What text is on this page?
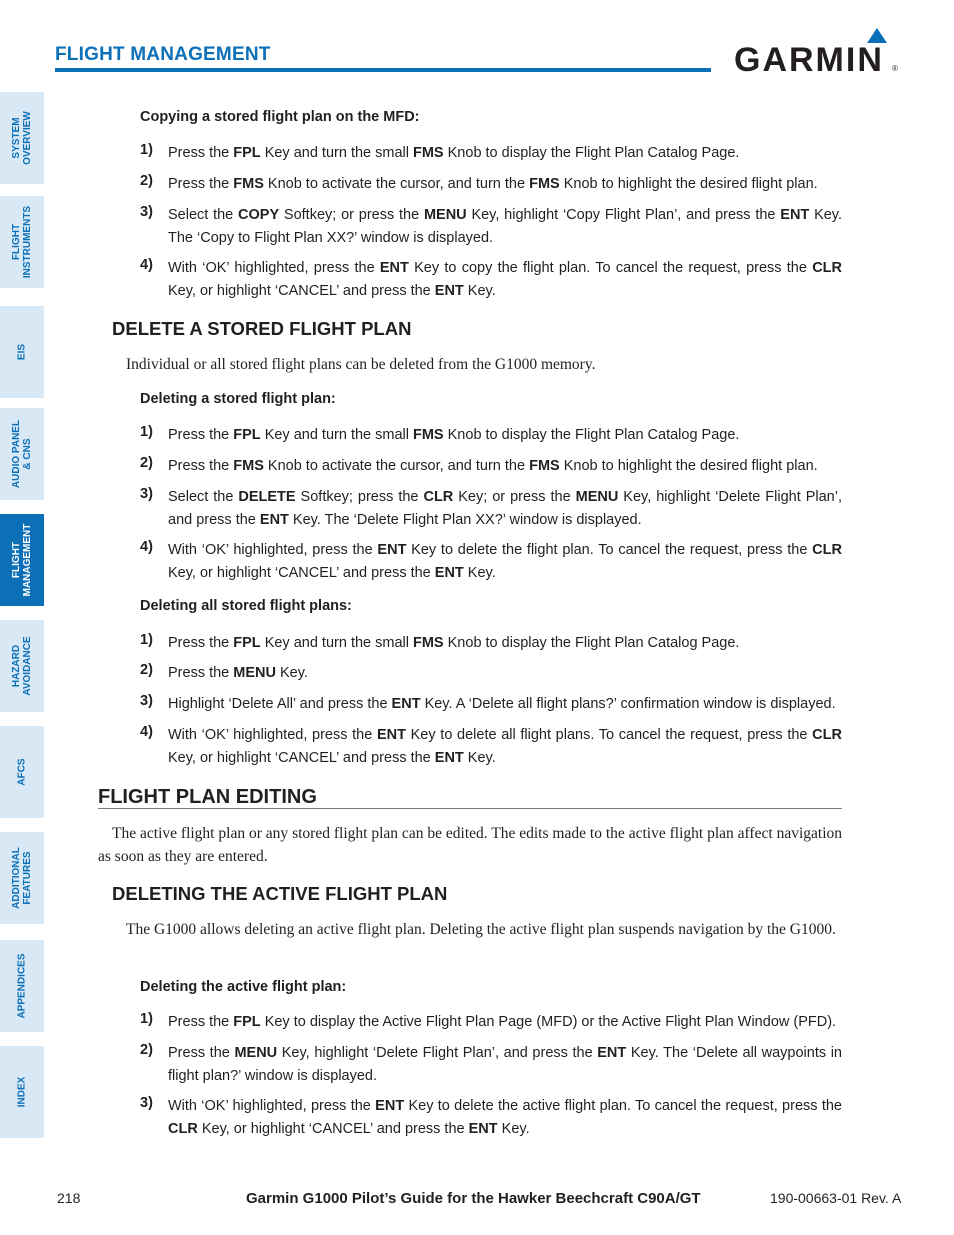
FLIGHT MANAGEMENT	GARMIN ®
SYSTEM
OVERVIEW
FLIGHT
INSTRUMENTS
EIS
AUDIO PANEL
& CNS
FLIGHT
MANAGEMENT
HAZARD
AVOIDANCE
AFCS
ADDITIONAL
FEATURES
APPENDICES
INDEX
Copying a stored flight plan on the MFD:
1) Press the FPL Key and turn the small FMS Knob to display the Flight Plan Catalog Page.
2) Press the FMS Knob to activate the cursor, and turn the FMS Knob to highlight the desired flight plan.
3) Select the COPY Softkey; or press the MENU Key, highlight ‘Copy Flight Plan’, and press the ENT Key. The ‘Copy to Flight Plan XX?’ window is displayed.
4) With ‘OK’ highlighted, press the ENT Key to copy the flight plan. To cancel the request, press the CLR Key, or highlight ‘CANCEL’ and press the ENT Key.
DELETE A STORED FLIGHT PLAN
Individual or all stored flight plans can be deleted from the G1000 memory.
Deleting a stored flight plan:
1) Press the FPL Key and turn the small FMS Knob to display the Flight Plan Catalog Page.
2) Press the FMS Knob to activate the cursor, and turn the FMS Knob to highlight the desired flight plan.
3) Select the DELETE Softkey; press the CLR Key; or press the MENU Key, highlight ‘Delete Flight Plan’, and press the ENT Key. The ‘Delete Flight Plan XX?’ window is displayed.
4) With ‘OK’ highlighted, press the ENT Key to delete the flight plan. To cancel the request, press the CLR Key, or highlight ‘CANCEL’ and press the ENT Key.
Deleting all stored flight plans:
1) Press the FPL Key and turn the small FMS Knob to display the Flight Plan Catalog Page.
2) Press the MENU Key.
3) Highlight ‘Delete All’ and press the ENT Key. A ‘Delete all flight plans?’ confirmation window is displayed.
4) With ‘OK’ highlighted, press the ENT Key to delete all flight plans. To cancel the request, press the CLR Key, or highlight ‘CANCEL’ and press the ENT Key.
FLIGHT PLAN EDITING
The active flight plan or any stored flight plan can be edited. The edits made to the active flight plan affect navigation as soon as they are entered.
DELETING THE ACTIVE FLIGHT PLAN
The G1000 allows deleting an active flight plan. Deleting the active flight plan suspends navigation by the G1000.
Deleting the active flight plan:
1) Press the FPL Key to display the Active Flight Plan Page (MFD) or the Active Flight Plan Window (PFD).
2) Press the MENU Key, highlight ‘Delete Flight Plan’, and press the ENT Key. The ‘Delete all waypoints in flight plan?’ window is displayed.
3) With ‘OK’ highlighted, press the ENT Key to delete the active flight plan. To cancel the request, press the CLR Key, or highlight ‘CANCEL’ and press the ENT Key.
218	Garmin G1000 Pilot’s Guide for the Hawker Beechcraft C90A/GT	190-00663-01 Rev. A
